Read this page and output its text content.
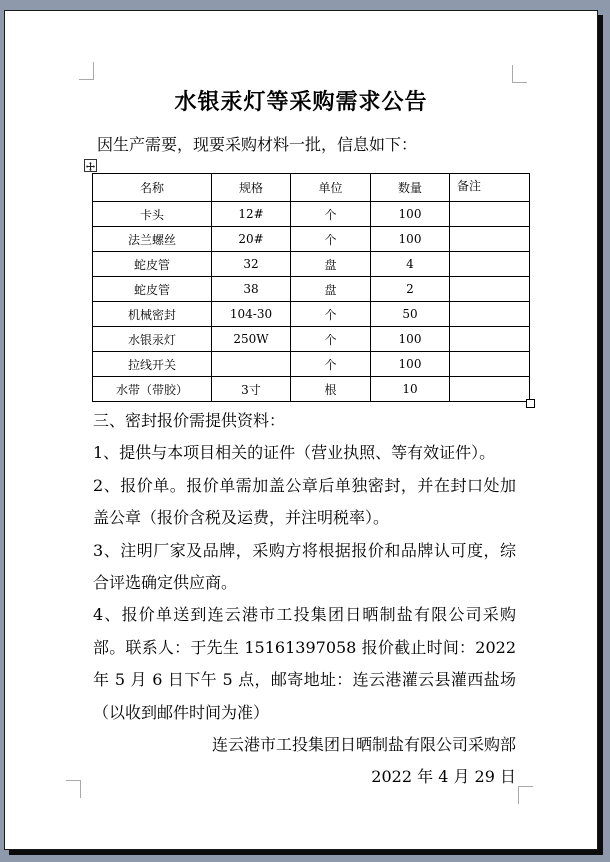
水银汞灯等采购需求公告
因生产需要，现要采购材料一批，信息如下：
名称	规格	单位	数量	备注
卡头	12#	个	100	
法兰螺丝	20#	个	100	
蛇皮管	32	盘	4	
蛇皮管	38	盘	2	
机械密封	104-30	个	50	
水银汞灯	250W	个	100	
拉线开关		个	100	
水带（带胶）	3寸	根	10	

三、密封报价需提供资料：

1、提供与本项目相关的证件（营业执照、等有效证件）。

2、报价单。报价单需加盖公章后单独密封，并在封口处加盖公章（报价含税及运费，并注明税率）。

3、注明厂家及品牌，采购方将根据报价和品牌认可度，综合评选确定供应商。

4、报价单送到连云港市工投集团日晒制盐有限公司采购部。联系人：于先生 15161397058 报价截止时间：2022 年 5 月 6 日下午 5 点，邮寄地址：连云港灌云县灌西盐场（以收到邮件时间为准）

连云港市工投集团日晒制盐有限公司采购部

2022 年 4 月 29 日
